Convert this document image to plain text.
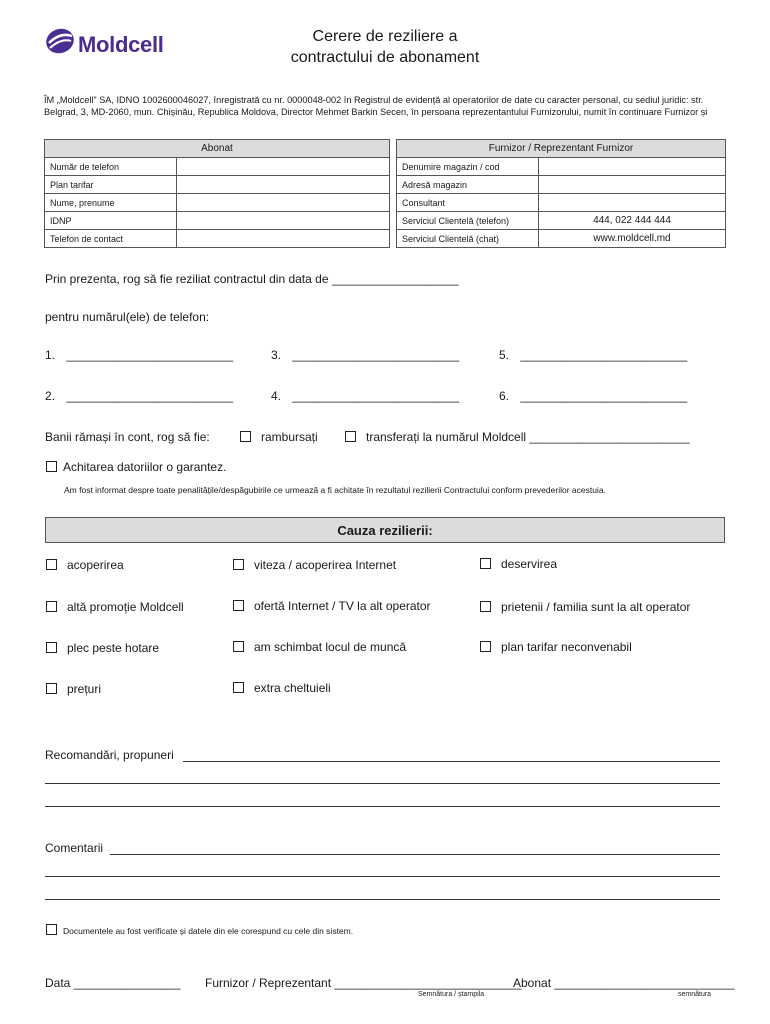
Moldcell	Cerere de reziliere a
contractului de abonament
ÎM „Moldcell” SA, IDNO 1002600046027, înregistrată cu nr. 0000048-002 în Registrul de evidență al operatorilor de date cu caracter personal, cu sediul juridic: str. Belgrad, 3, MD-2060, mun. Chișinău, Republica Moldova, Director Mehmet Barkin Secen, în persoana reprezentantului Furnizorului, numit în continuare Furnizor și
Abonat	
Număr de telefon	
Plan tarifar	
Nume, prenume	
IDNP	
Telefon de contact	
Furnizor / Reprezentant Furnizor	
Denumire magazin / cod	
Adresă magazin	
Consultant	
Serviciul Clientelă (telefon)	444, 022 444 444
Serviciul Clientelă (chat)	www.moldcell.md
Prin prezenta, rog să fie reziliat contractul din data de ___________________
pentru numărul(ele) de telefon:
1. _________________________	3. _________________________	5. _________________________
2. _________________________	4. _________________________	6. _________________________
Banii rămași în cont, rog să fie:	rambursați	transferați la numărul Moldcell ________________________
Achitarea datoriilor o garantez.
Am fost informat despre toate penalitățile/despăgubirile ce urmează a fi achitate în rezultatul rezilierii Contractului conform prevederilor acestuia.
Cauza rezilierii:
acoperirea	viteza / acoperirea Internet	deservirea
altă promoție Moldcell	ofertă Internet / TV la alt operator	prietenii / familia sunt la alt operator
plec peste hotare	am schimbat locul de muncă	plan tarifar neconvenabil
prețuri	extra cheltuieli
Recomandări, propuneri
Comentarii
Documentele au fost verificate și datele din ele corespund cu cele din sistem.
Data ________________ Furnizor / Reprezentant ____________________________
Semnătura / ștampila
Abonat ___________________________
semnătura
